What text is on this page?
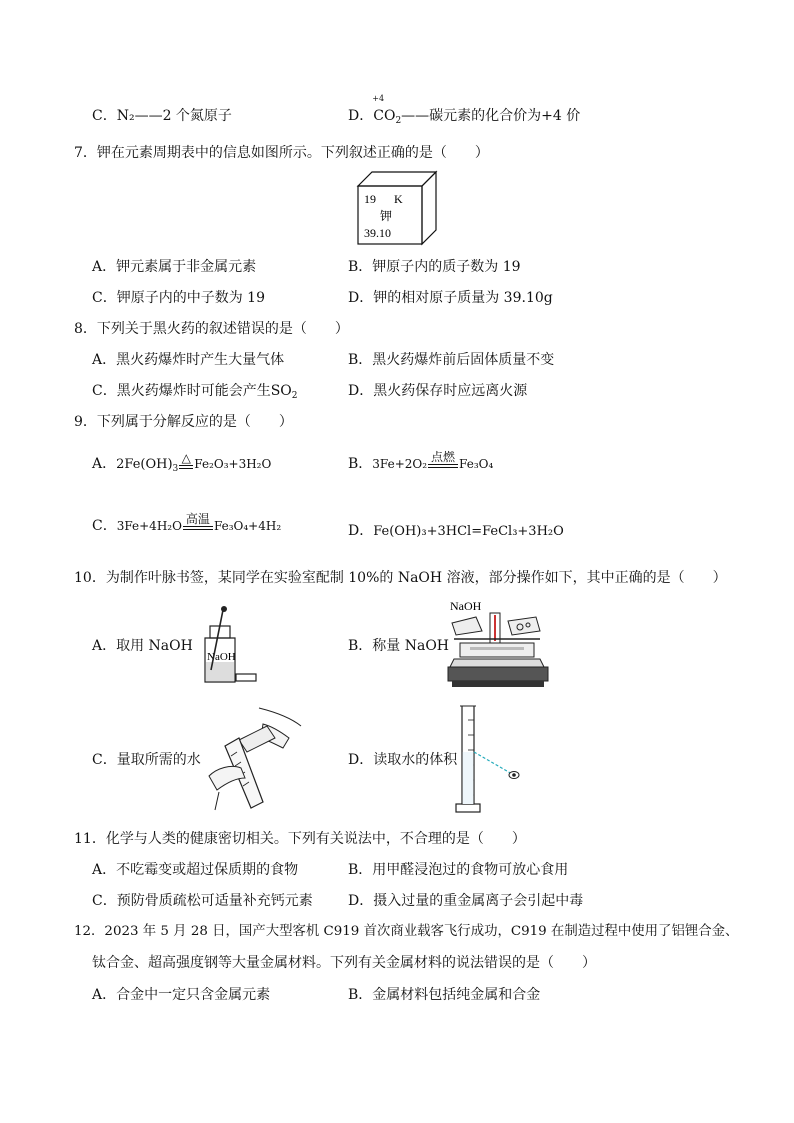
C．N₂——2 个氮原子	D．
+4
$CO_2——$碳元素的化合价为+4 价
7．钾在元素周期表中的信息如图所示。下列叙述正确的是（　　）
19 K
钾
39.10
A．钾元素属于非金属元素	B．钾原子内的质子数为 19
C．钾原子内的中子数为 19	D．钾的相对原子质量为 39.10g
8．下列关于黑火药的叙述错误的是（　　）
A．黑火药爆炸时产生大量气体	B．黑火药爆炸前后固体质量不变
C．黑火药爆炸时可能会产生$SO_2$	D．黑火药保存时应远离火源
9．下列属于分解反应的是（　　）
A．$2Fe(OH)_3$
△ Fe₂O₃+3H₂O	B．3Fe+2O₂
点燃
Fe₃O₄
C．3Fe+4H₂O
高温
Fe₃O₄+4H₂	D．Fe(OH)₃+3HCl=FeCl₃+3H₂O
10．为制作叶脉书签，某同学在实验室配制 10%的 NaOH 溶液，部分操作如下，其中正确的是（　　）
A．取用 NaOH
NaOH
B．称量 NaOH
NaOH
C．量取所需的水	D．读取水的体积
11．化学与人类的健康密切相关。下列有关说法中，不合理的是（　　）
A．不吃霉变或超过保质期的食物	B．用甲醛浸泡过的食物可放心食用
C．预防骨质疏松可适量补充钙元素	D．摄入过量的重金属离子会引起中毒
12．2023 年 5 月 28 日，国产大型客机 C919 首次商业载客飞行成功，C919 在制造过程中使用了铝锂合金、
钛合金、超高强度钢等大量金属材料。下列有关金属材料的说法错误的是（　　）
A．合金中一定只含金属元素	B．金属材料包括纯金属和合金
